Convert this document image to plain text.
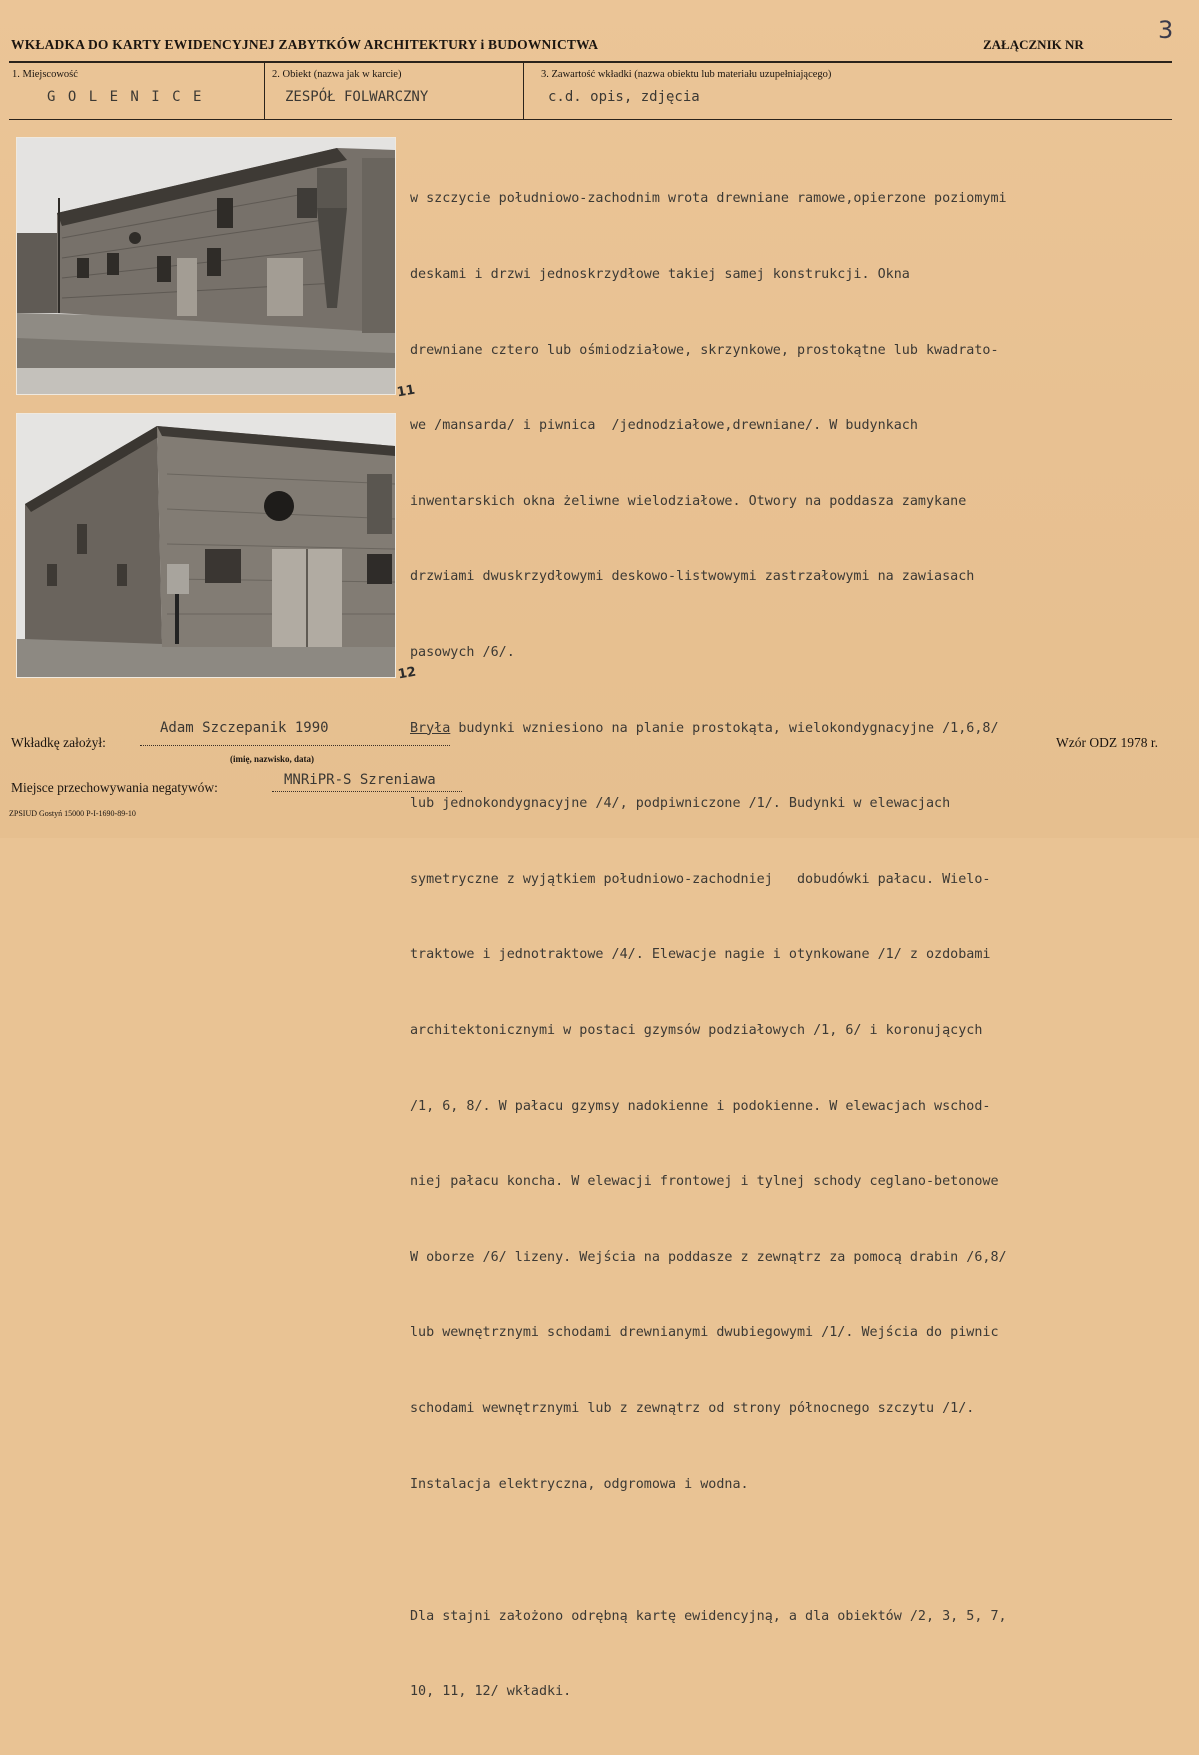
WKŁADKA DO KARTY EWIDENCYJNEJ ZABYTKÓW ARCHITEKTURY i BUDOWNICTWA	ZAŁĄCZNIK NR
3
1. Miejscowość
G O L E N I C E
2. Obiekt (nazwa jak w karcie)
ZESPÓŁ FOLWARCZNY
3. Zawartość wkładki (nazwa obiektu lub materiału uzupełniającego)
c.d. opis, zdjęcia
11
12

w szczycie południowo-zachodnim wrota drewniane ramowe,opierzone poziomymi

deskami i drzwi jednoskrzydłowe takiej samej konstrukcji. Okna

drewniane cztero lub ośmiodziałowe, skrzynkowe, prostokątne lub kwadrato-

we /mansarda/ i piwnica  /jednodziałowe,drewniane/. W budynkach

inwentarskich okna żeliwne wielodziałowe. Otwory na poddasza zamykane

drzwiami dwuskrzydłowymi deskowo-listwowymi zastrzałowymi na zawiasach

pasowych /6/.

Bryła budynki wzniesiono na planie prostokąta, wielokondygnacyjne /1,6,8/

lub jednokondygnacyjne /4/, podpiwniczone /1/. Budynki w elewacjach

symetryczne z wyjątkiem południowo-zachodniej   dobudówki pałacu. Wielo-

traktowe i jednotraktowe /4/. Elewacje nagie i otynkowane /1/ z ozdobami

architektonicznymi w postaci gzymsów podziałowych /1, 6/ i koronujących

/1, 6, 8/. W pałacu gzymsy nadokienne i podokienne. W elewacjach wschod-

niej pałacu koncha. W elewacji frontowej i tylnej schody ceglano-betonowe

W oborze /6/ lizeny. Wejścia na poddasze z zewnątrz za pomocą drabin /6,8/

lub wewnętrznymi schodami drewnianymi dwubiegowymi /1/. Wejścia do piwnic

schodami wewnętrznymi lub z zewnątrz od strony północnego szczytu /1/.

Instalacja elektryczna, odgromowa i wodna.

Dla stajni założono odrębną kartę ewidencyjną, a dla obiektów /2, 3, 5, 7,

10, 11, 12/ wkładki.

Adam Szczepanik 1990
Wkładkę założył:
(imię, nazwisko, data)
Wzór ODZ 1978 r.
MNRiPR-S Szreniawa
Miejsce przechowywania negatywów:
ZPSIUD Gostyń 15000 P-I-1690-89-10
